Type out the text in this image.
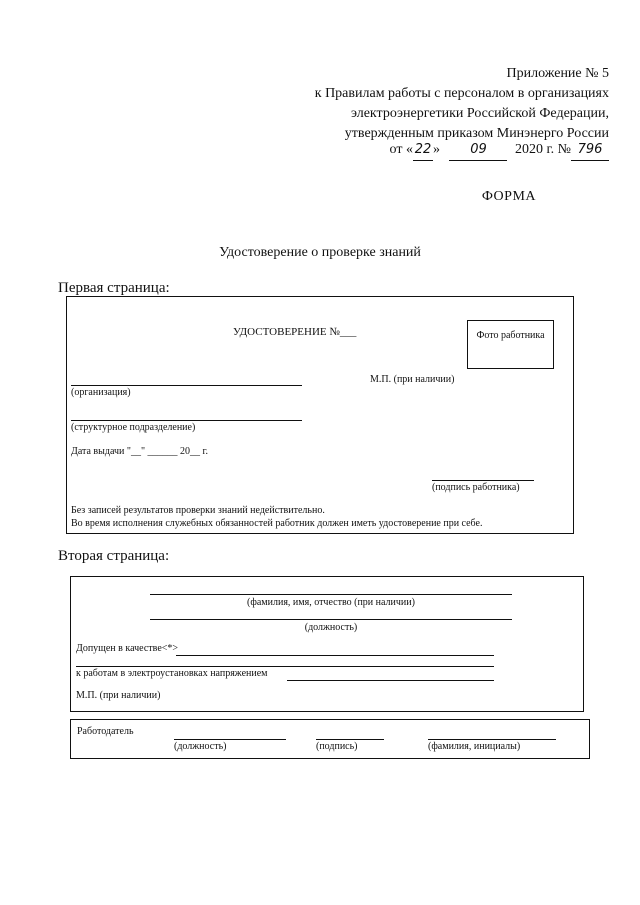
Приложение № 5
к Правилам работы с персоналом в организациях
электроэнергетики Российской Федерации,
утвержденным приказом Минэнерго России
от « 22 » 09 2020 г. № 796
ФОРМА
Удостоверение о проверке знаний
Первая страница:
УДОСТОВЕРЕНИЕ №___	Фото работника
М.П. (при наличии)
(организация)
(структурное подразделение)
Дата выдачи "__" ______ 20__ г.
(подпись работника)
Без записей результатов проверки знаний недействительно.
Во время исполнения служебных обязанностей работник должен иметь удостоверение при себе.
Вторая страница:
(фамилия, имя, отчество (при наличии)
(должность)
Допущен в качестве<*>
к работам в электроустановках напряжением
М.П. (при наличии)
Работодатель
(должность)	(подпись)	(фамилия, инициалы)
